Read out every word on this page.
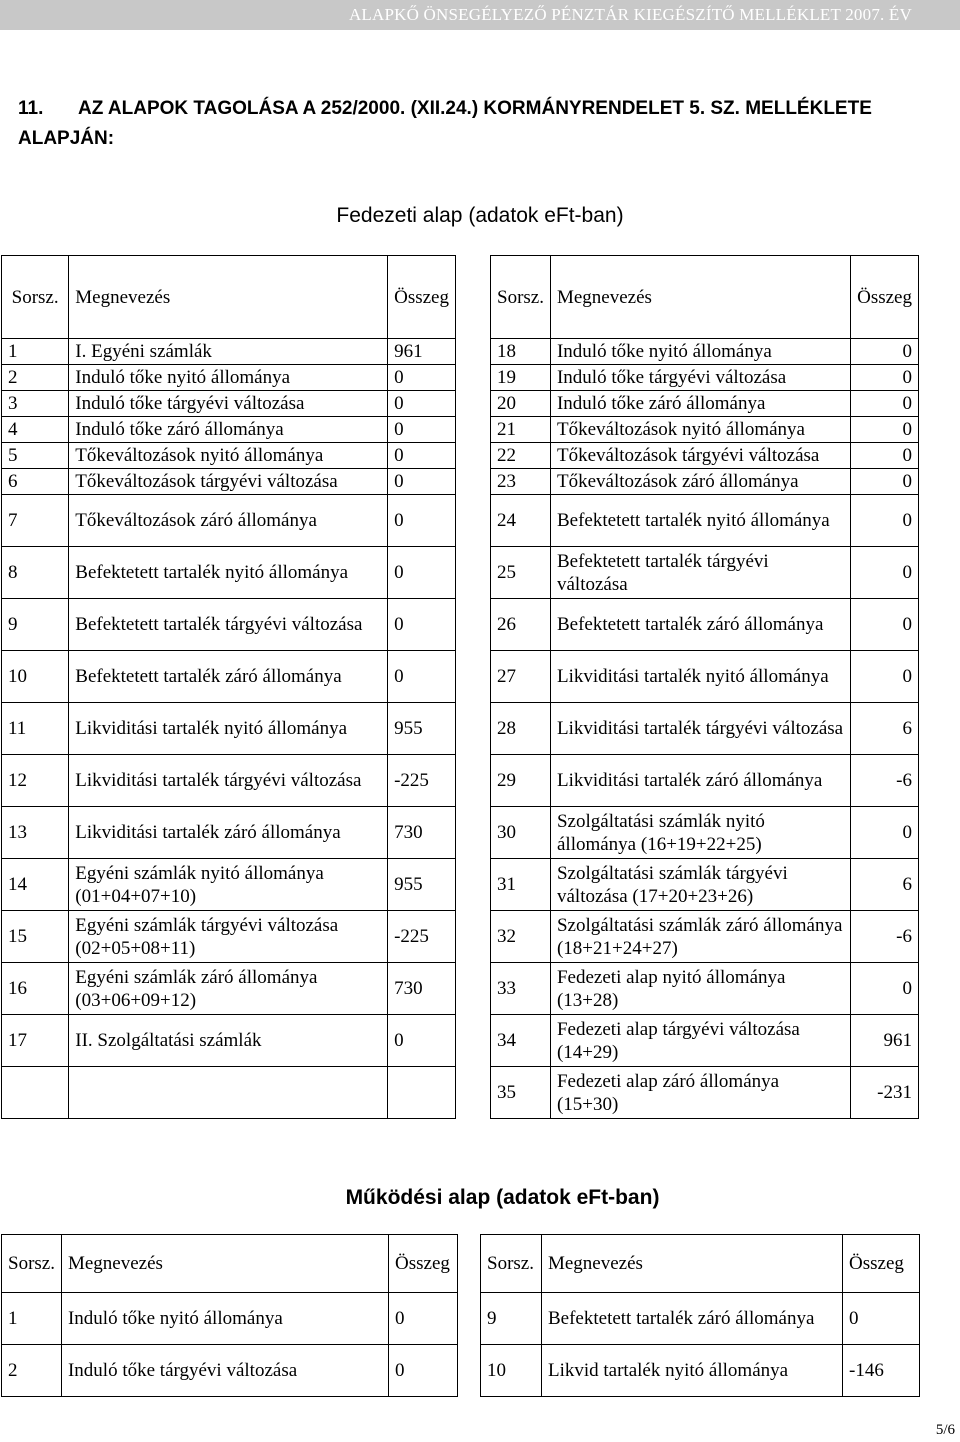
ALAPKŐ ÖNSEGÉLYEZŐ PÉNZTÁR KIEGÉSZÍTŐ MELLÉKLET 2007. ÉV
11. AZ ALAPOK TAGOLÁSA A 252/2000. (XII.24.) KORMÁNYRENDELET 5. SZ. MELLÉKLETE ALAPJÁN:
Fedezeti alap (adatok eFt-ban)
Sorsz.	Megnevezés	Összeg
1	I. Egyéni számlák	961
2	Induló tőke nyitó állománya	0
3	Induló tőke tárgyévi változása	0
4	Induló tőke záró állománya	0
5	Tőkeváltozások nyitó állománya	0
6	Tőkeváltozások tárgyévi változása	0
7	Tőkeváltozások záró állománya	0
8	Befektetett tartalék nyitó állománya	0
9	Befektetett tartalék tárgyévi változása	0
10	Befektetett tartalék záró állománya	0
11	Likviditási tartalék nyitó állománya	955
12	Likviditási tartalék tárgyévi változása	-225
13	Likviditási tartalék záró állománya	730
14	Egyéni számlák nyitó állománya (01+04+07+10)	955
15	Egyéni számlák tárgyévi változása (02+05+08+11)	-225
16	Egyéni számlák záró állománya (03+06+09+12)	730
17	II. Szolgáltatási számlák	0

Sorsz.	Megnevezés	Összeg
18	Induló tőke nyitó állománya	0
19	Induló tőke tárgyévi változása	0
20	Induló tőke záró állománya	0
21	Tőkeváltozások nyitó állománya	0
22	Tőkeváltozások tárgyévi változása	0
23	Tőkeváltozások záró állománya	0
24	Befektetett tartalék nyitó állománya	0
25	Befektetett tartalék tárgyévi változása	0
26	Befektetett tartalék záró állománya	0
27	Likviditási tartalék nyitó állománya	0
28	Likviditási tartalék tárgyévi változása	6
29	Likviditási tartalék záró állománya	-6
30	Szolgáltatási számlák nyitó állománya (16+19+22+25)	0
31	Szolgáltatási számlák tárgyévi változása (17+20+23+26)	6
32	Szolgáltatási számlák záró állománya (18+21+24+27)	-6
33	Fedezeti alap nyitó állománya (13+28)	0
34	Fedezeti alap tárgyévi változása (14+29)	961
35	Fedezeti alap záró állománya (15+30)	-231
Működési alap (adatok eFt-ban)
Sorsz.	Megnevezés	Összeg
1	Induló tőke nyitó állománya	0
2	Induló tőke tárgyévi változása	0
Sorsz.	Megnevezés	Összeg
9	Befektetett tartalék záró állománya	0
10	Likvid tartalék nyitó állománya	-146
5/6
